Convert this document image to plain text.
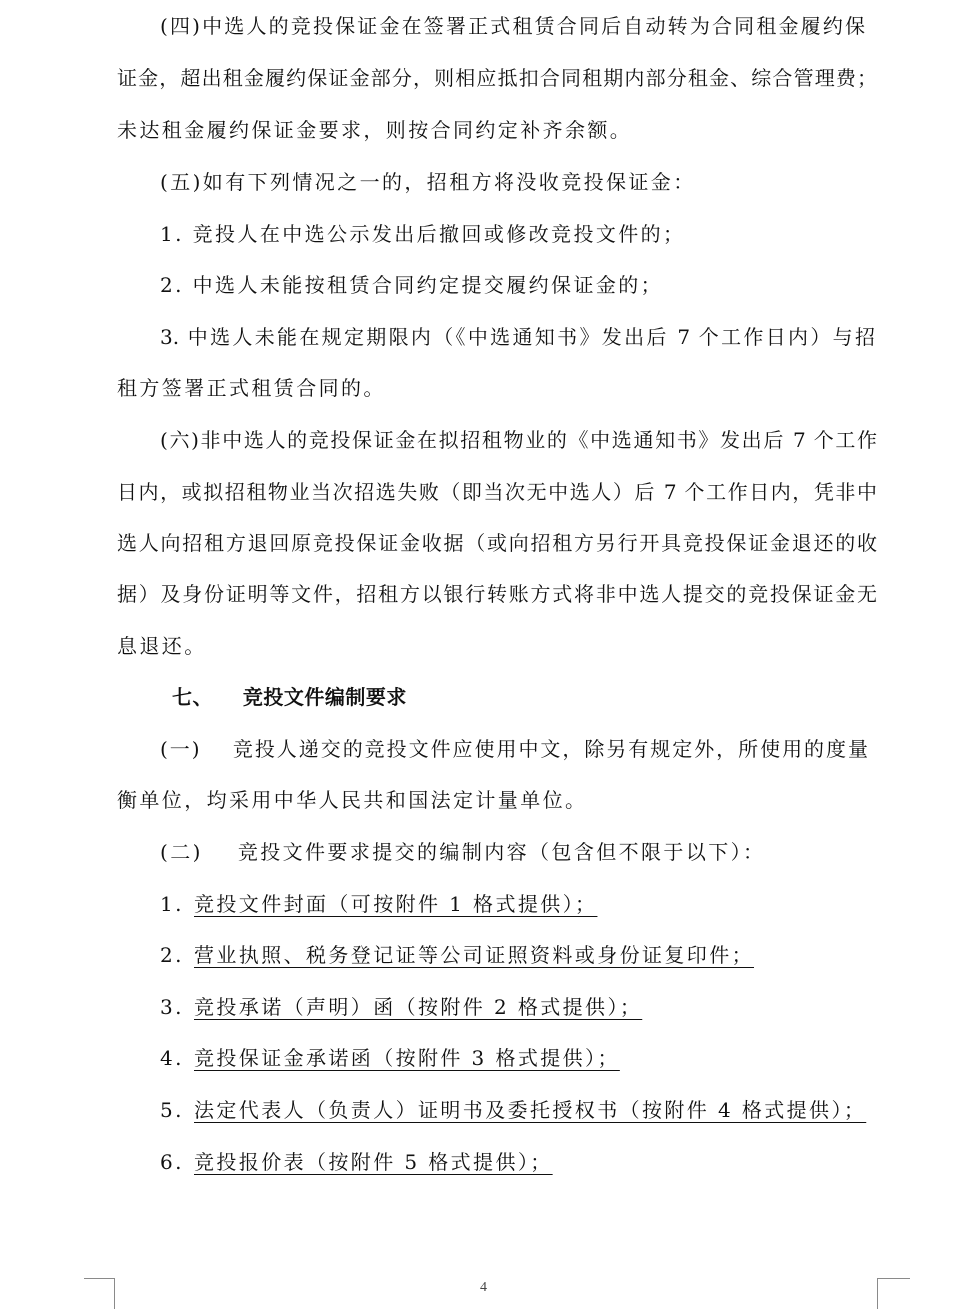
(四)中选人的竞投保证金在签署正式租赁合同后自动转为合同租金履约保
证金，超出租金履约保证金部分，则相应抵扣合同租期内部分租金、综合管理费；
未达租金履约保证金要求，则按合同约定补齐余额。
(五)如有下列情况之一的，招租方将没收竞投保证金：
1. 竞投人在中选公示发出后撤回或修改竞投文件的；
2. 中选人未能按租赁合同约定提交履约保证金的；
3. 中选人未能在规定期限内（《中选通知书》发出后 7 个工作日内）与招
租方签署正式租赁合同的。
(六)非中选人的竞投保证金在拟招租物业的《中选通知书》发出后 7 个工作
日内，或拟招租物业当次招选失败（即当次无中选人）后 7 个工作日内，凭非中
选人向招租方退回原竞投保证金收据（或向招租方另行开具竞投保证金退还的收
据）及身份证明等文件，招租方以银行转账方式将非中选人提交的竞投保证金无
息退还。
七、    竞投文件编制要求
(一)    竞投人递交的竞投文件应使用中文，除另有规定外，所使用的度量
衡单位，均采用中华人民共和国法定计量单位。
(二)    竞投文件要求提交的编制内容（包含但不限于以下）：
1. 竞投文件封面（可按附件 1 格式提供）；
2. 营业执照、税务登记证等公司证照资料或身份证复印件；
3. 竞投承诺（声明）函（按附件 2 格式提供）；
4. 竞投保证金承诺函（按附件 3 格式提供）；
5. 法定代表人（负责人）证明书及委托授权书（按附件 4 格式提供）；
6. 竞投报价表（按附件 5 格式提供）；
4
